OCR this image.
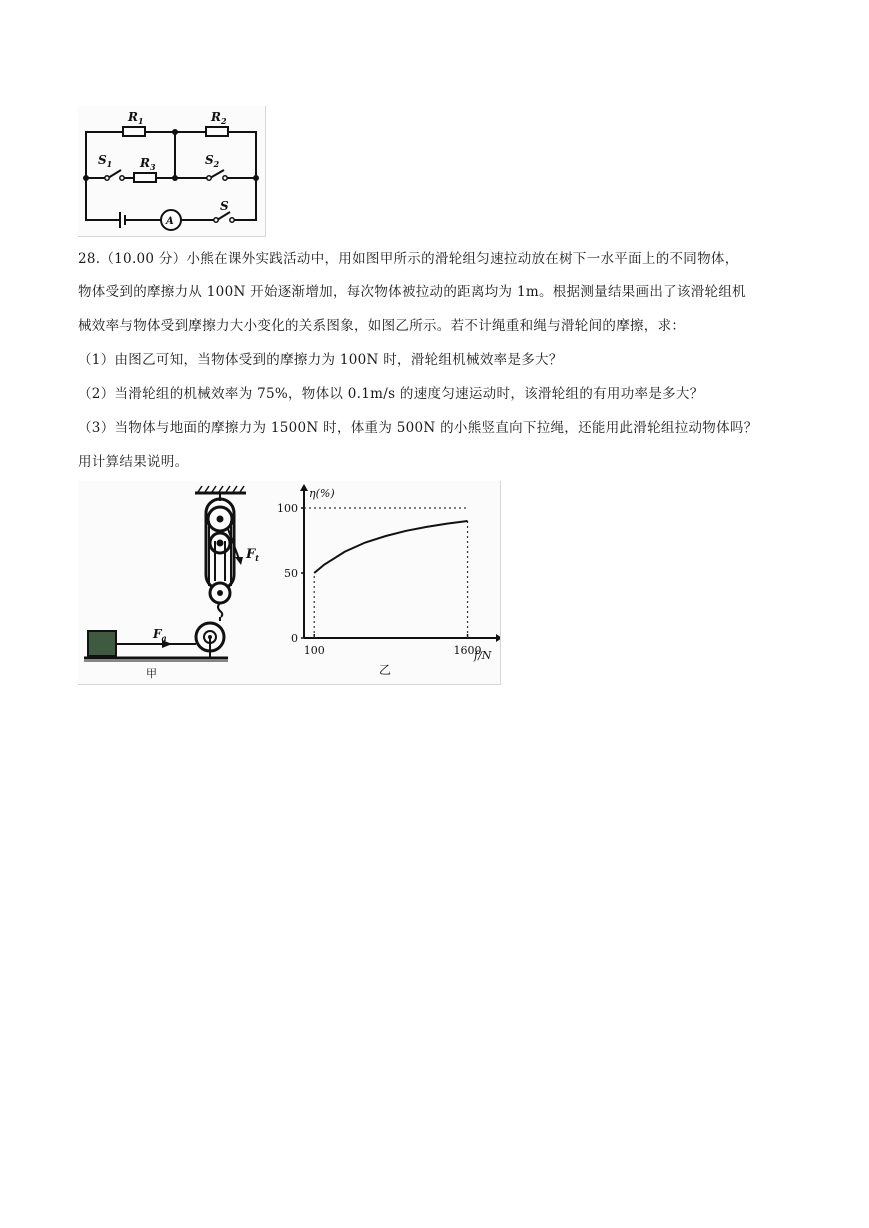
$R_1$	$R_2$
$R_3$
$S_1$	$S_2$
S
A
28.（10.00 分）小熊在课外实践活动中，用如图甲所示的滑轮组匀速拉动放在树下一水平面上的不同物体，
物体受到的摩擦力从 100N 开始逐渐增加，每次物体被拉动的距离均为 1m。根据测量结果画出了该滑轮组机
械效率与物体受到摩擦力大小变化的关系图象，如图乙所示。若不计绳重和绳与滑轮间的摩擦，求：
（1）由图乙可知，当物体受到的摩擦力为 100N 时，滑轮组机械效率是多大？
（2）当滑轮组的机械效率为 75%，物体以 0.1m/s 的速度匀速运动时，该滑轮组的有用功率是多大？
（3）当物体与地面的摩擦力为 1500N 时，体重为 500N 的小熊竖直向下拉绳，还能用此滑轮组拉动物体吗？
用计算结果说明。
$F_t$
$F_a$
甲
η(%)
f/N
0
50
100
100	1600
乙
